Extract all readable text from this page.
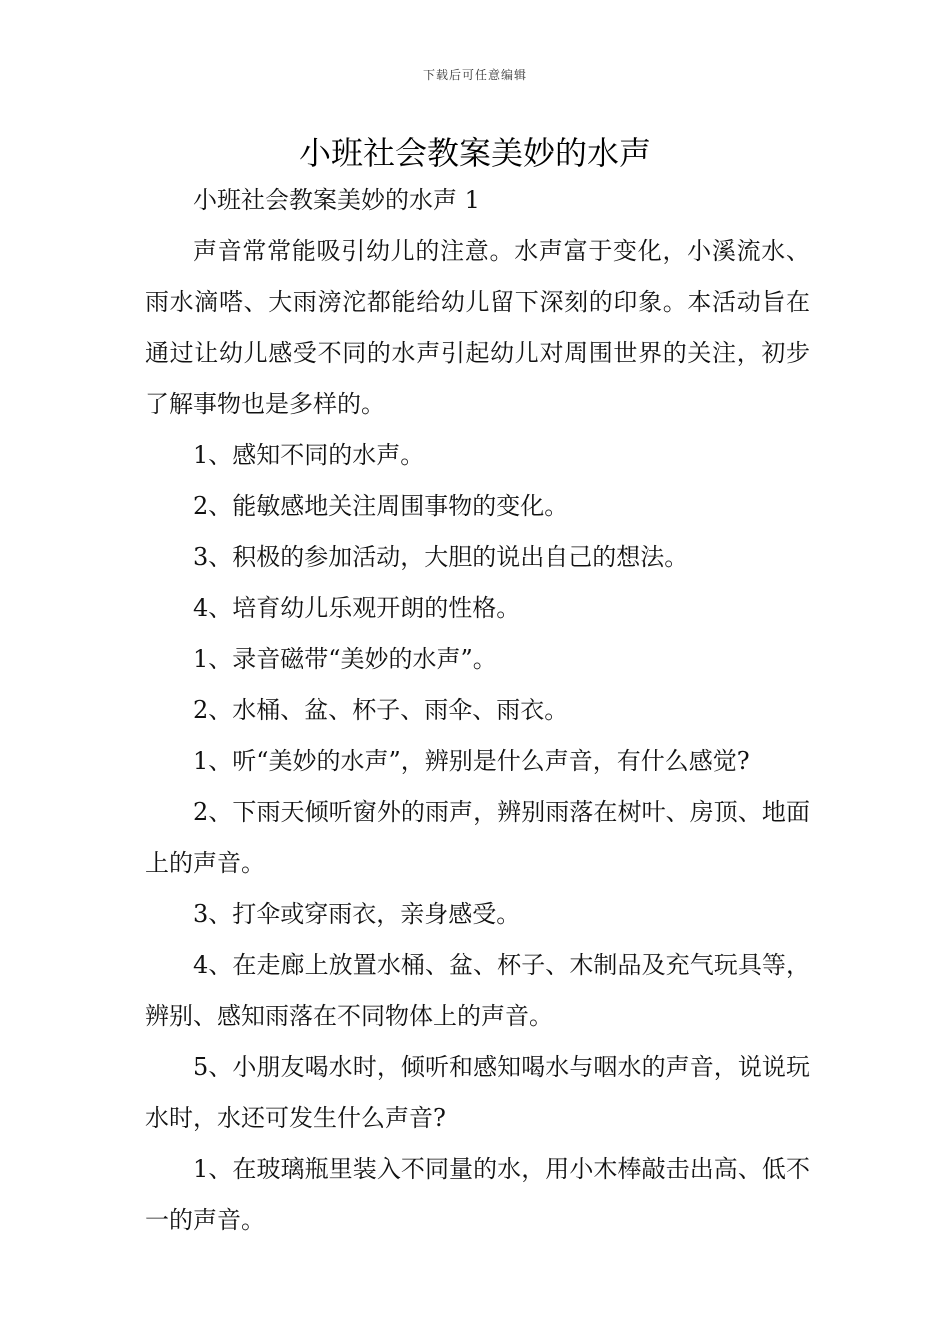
下载后可任意编辑
小班社会教案美妙的水声

小班社会教案美妙的水声 1

声音常常能吸引幼儿的注意。水声富于变化，小溪流水、雨水滴嗒、大雨滂沱都能给幼儿留下深刻的印象。本活动旨在通过让幼儿感受不同的水声引起幼儿对周围世界的关注，初步了解事物也是多样的。

1、感知不同的水声。

2、能敏感地关注周围事物的变化。

3、积极的参加活动，大胆的说出自己的想法。

4、培育幼儿乐观开朗的性格。

1、录音磁带“美妙的水声”。

2、水桶、盆、杯子、雨伞、雨衣。

1、听“美妙的水声”，辨别是什么声音，有什么感觉?

2、下雨天倾听窗外的雨声，辨别雨落在树叶、房顶、地面上的声音。

3、打伞或穿雨衣，亲身感受。

4、在走廊上放置水桶、盆、杯子、木制品及充气玩具等，辨别、感知雨落在不同物体上的声音。

5、小朋友喝水时，倾听和感知喝水与咽水的声音，说说玩水时，水还可发生什么声音?

1、在玻璃瓶里装入不同量的水，用小木棒敲击出高、低不一的声音。
